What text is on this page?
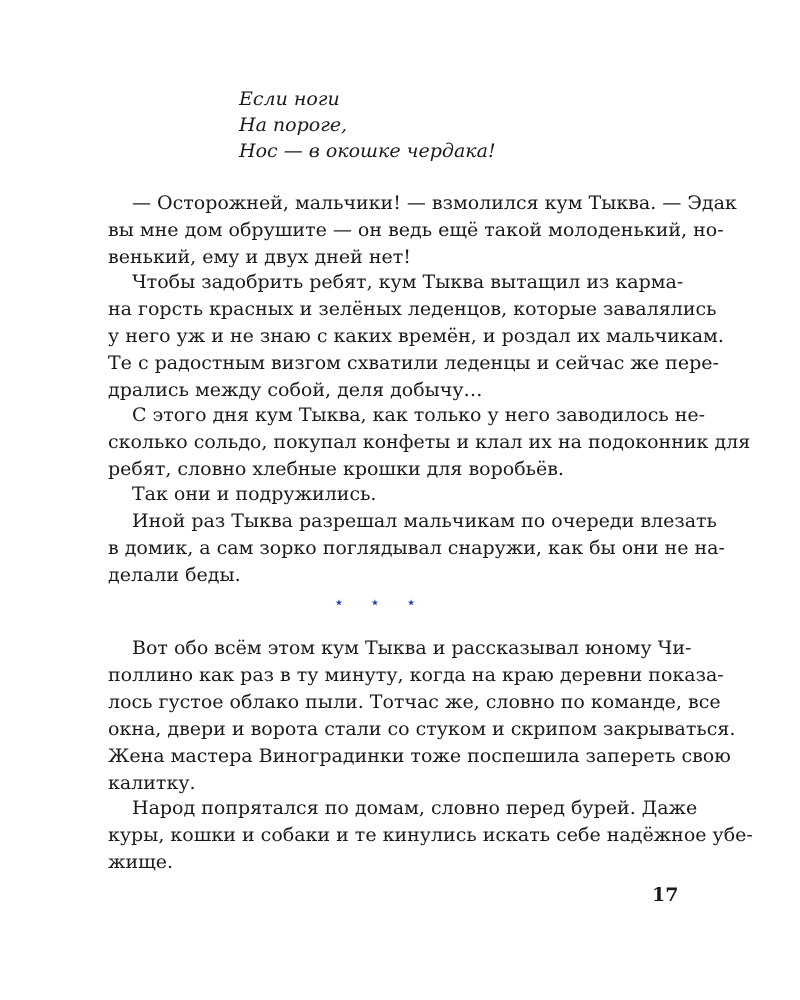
Если ноги
На пороге,
Нос — в окошке чердака!
— Осторожней, мальчики! — взмолился кум Тыква. — Эдак
вы мне дом обрушите — он ведь ещё такой молоденький, но-
венький, ему и двух дней нет!
Чтобы задобрить ребят, кум Тыква вытащил из карма-
на горсть красных и зелёных леденцов, которые завалялись
у него уж и не знаю с каких времён, и роздал их мальчикам.
Те с радостным визгом схватили леденцы и сейчас же пере-
дрались между собой, деля добычу…
С этого дня кум Тыква, как только у него заводилось не-
сколько сольдо, покупал конфеты и клал их на подоконник для
ребят, словно хлебные крошки для воробьёв.
Так они и подружились.
Иной раз Тыква разрешал мальчикам по очереди влезать
в домик, а сам зорко поглядывал снаружи, как бы они не на-
делали беды.
⋆ ⋆ ⋆
Вот обо всём этом кум Тыква и рассказывал юному Чи-
поллино как раз в ту минуту, когда на краю деревни показа-
лось густое облако пыли. Тотчас же, словно по команде, все
окна, двери и ворота стали со стуком и скрипом закрываться.
Жена мастера Виноградинки тоже поспешила запереть свою
калитку.
Народ попрятался по домам, словно перед бурей. Даже
куры, кошки и собаки и те кинулись искать себе надёжное убе-
жище.
17
